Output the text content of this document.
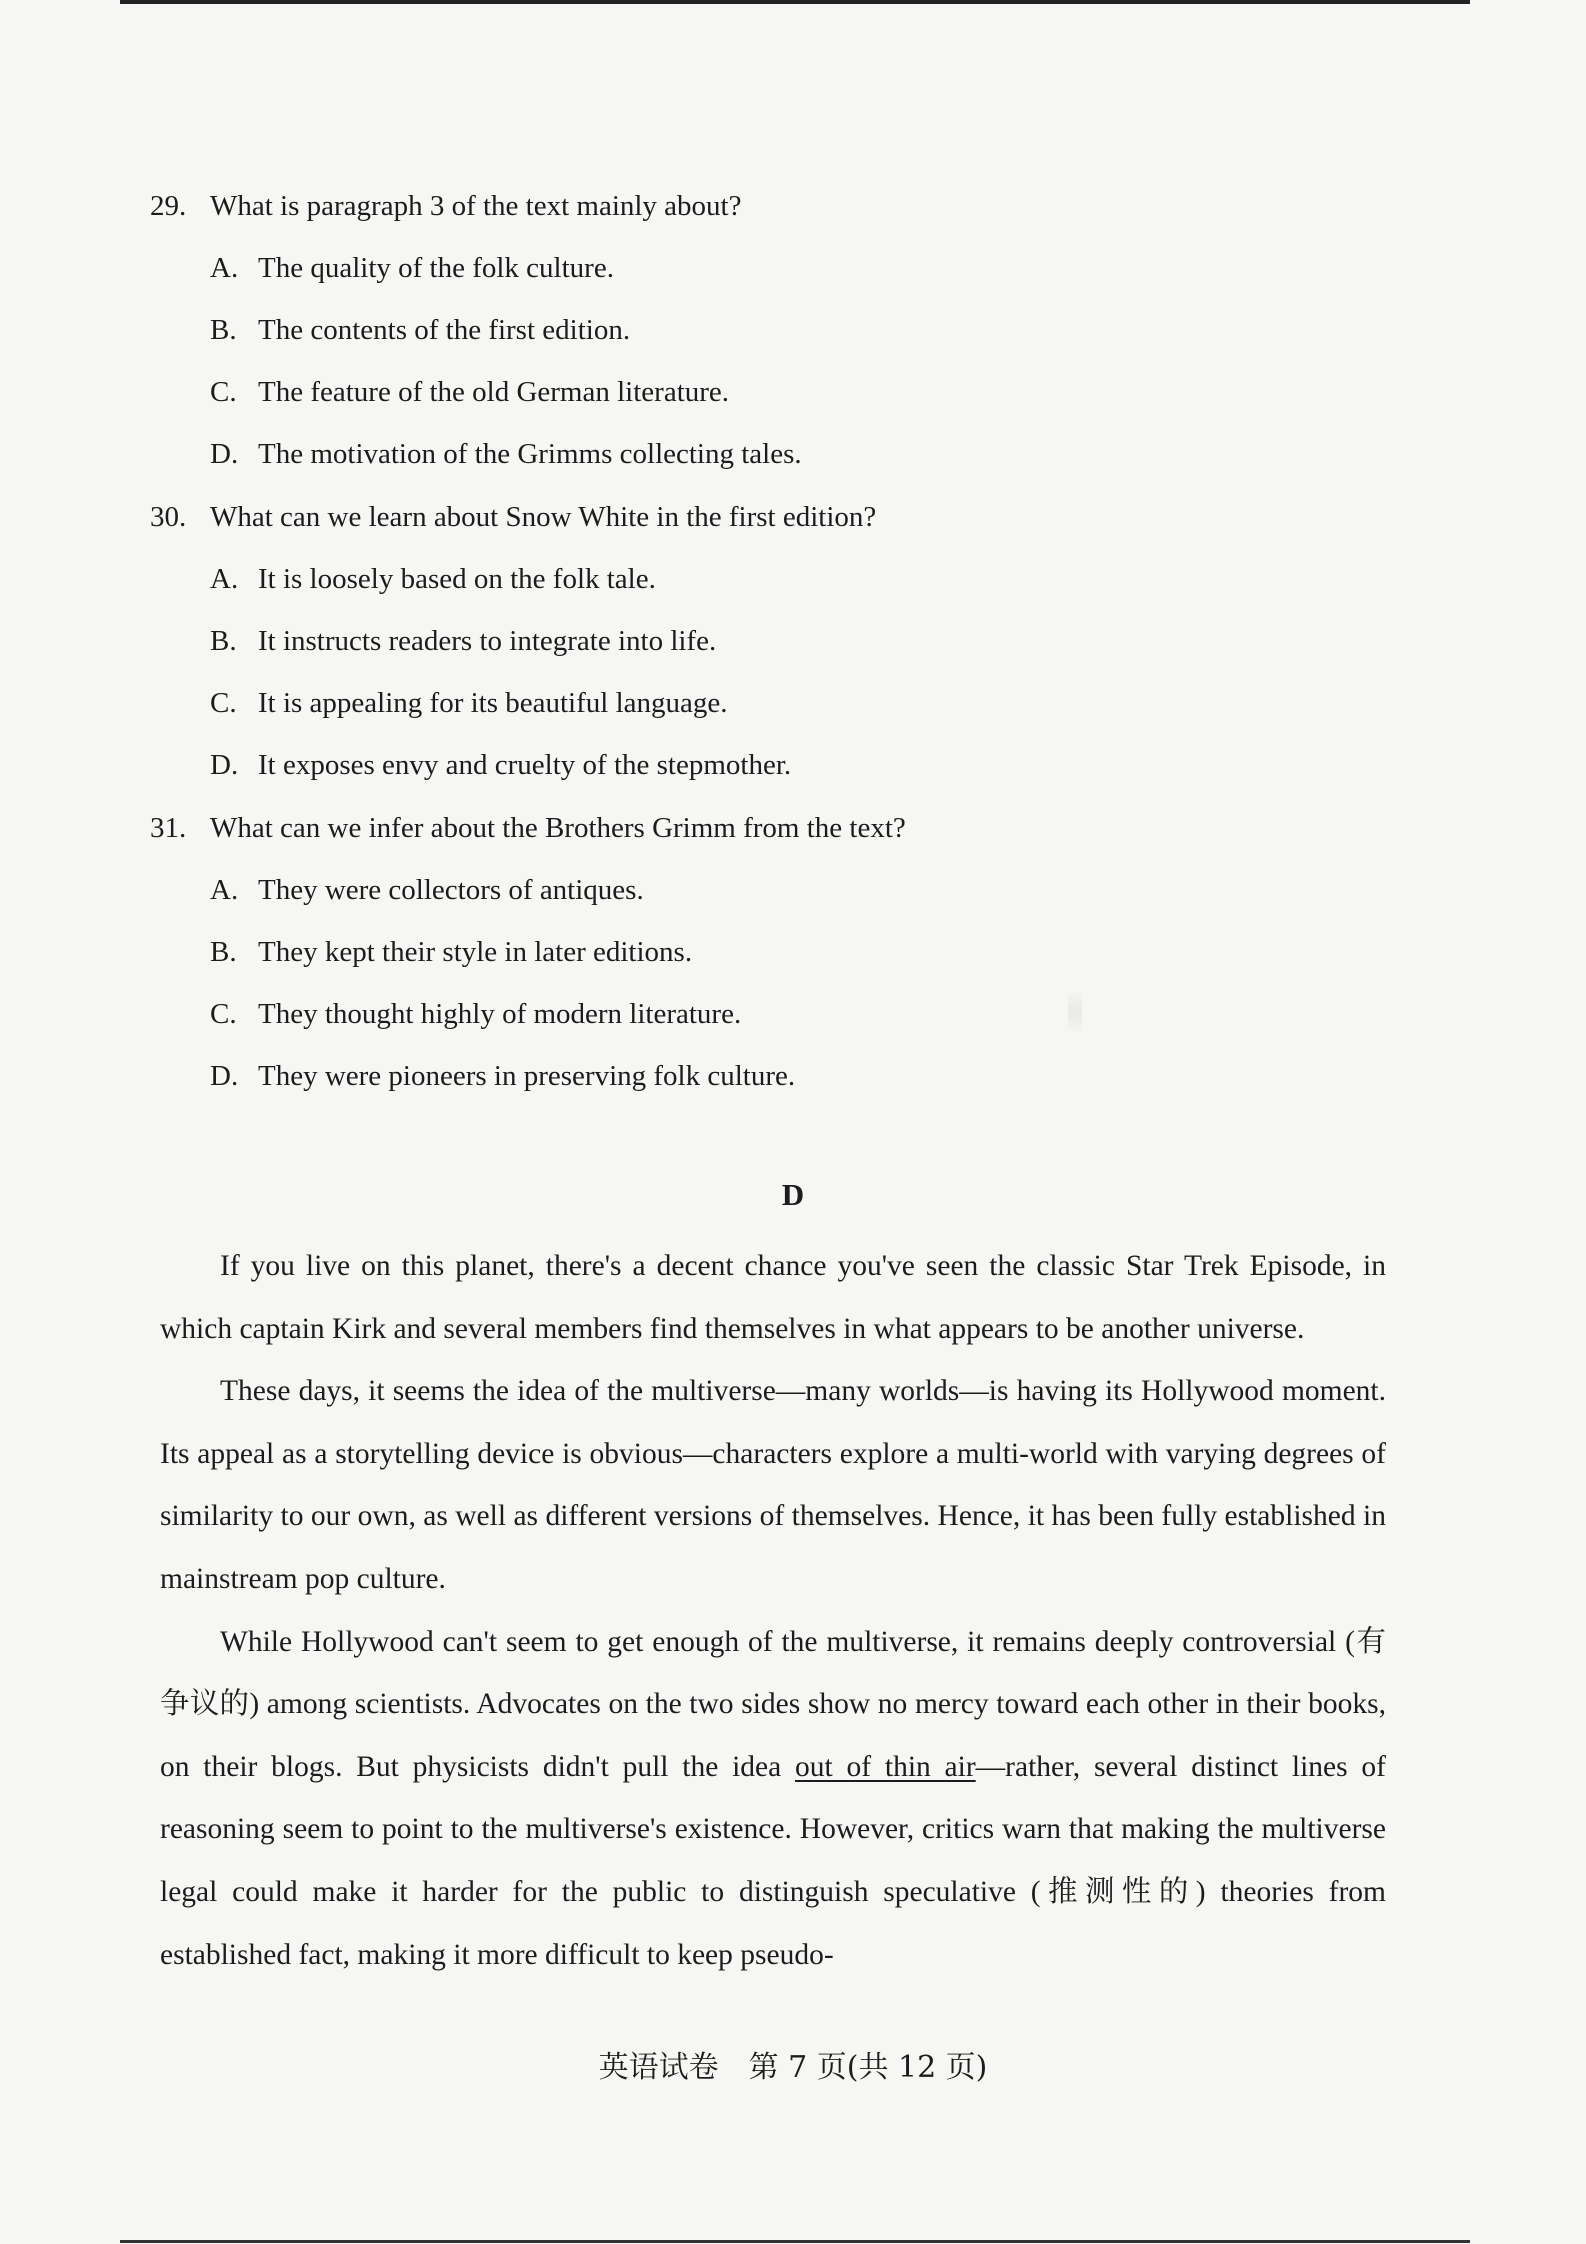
29. What is paragraph 3 of the text mainly about?
A. The quality of the folk culture.
B. The contents of the first edition.
C. The feature of the old German literature.
D. The motivation of the Grimms collecting tales.
30. What can we learn about Snow White in the first edition?
A. It is loosely based on the folk tale.
B. It instructs readers to integrate into life.
C. It is appealing for its beautiful language.
D. It exposes envy and cruelty of the stepmother.
31. What can we infer about the Brothers Grimm from the text?
A. They were collectors of antiques.
B. They kept their style in later editions.
C. They thought highly of modern literature.
D. They were pioneers in preserving folk culture.
D

If you live on this planet, there's a decent chance you've seen the classic Star Trek Episode, in which captain Kirk and several members find themselves in what appears to be another universe.

These days, it seems the idea of the multiverse—many worlds—is having its Hollywood moment. Its appeal as a storytelling device is obvious—characters explore a multi-world with varying degrees of similarity to our own, as well as different versions of themselves. Hence, it has been fully established in mainstream pop culture.

While Hollywood can't seem to get enough of the multiverse, it remains deeply controversial (有争议的) among scientists. Advocates on the two sides show no mercy toward each other in their books, on their blogs. But physicists didn't pull the idea out of thin air—rather, several distinct lines of reasoning seem to point to the multiverse's existence. However, critics warn that making the multiverse legal could make it harder for the public to distinguish speculative (推测性的) theories from established fact, making it more difficult to keep pseudo-

英语试卷　第 7 页(共 12 页)
